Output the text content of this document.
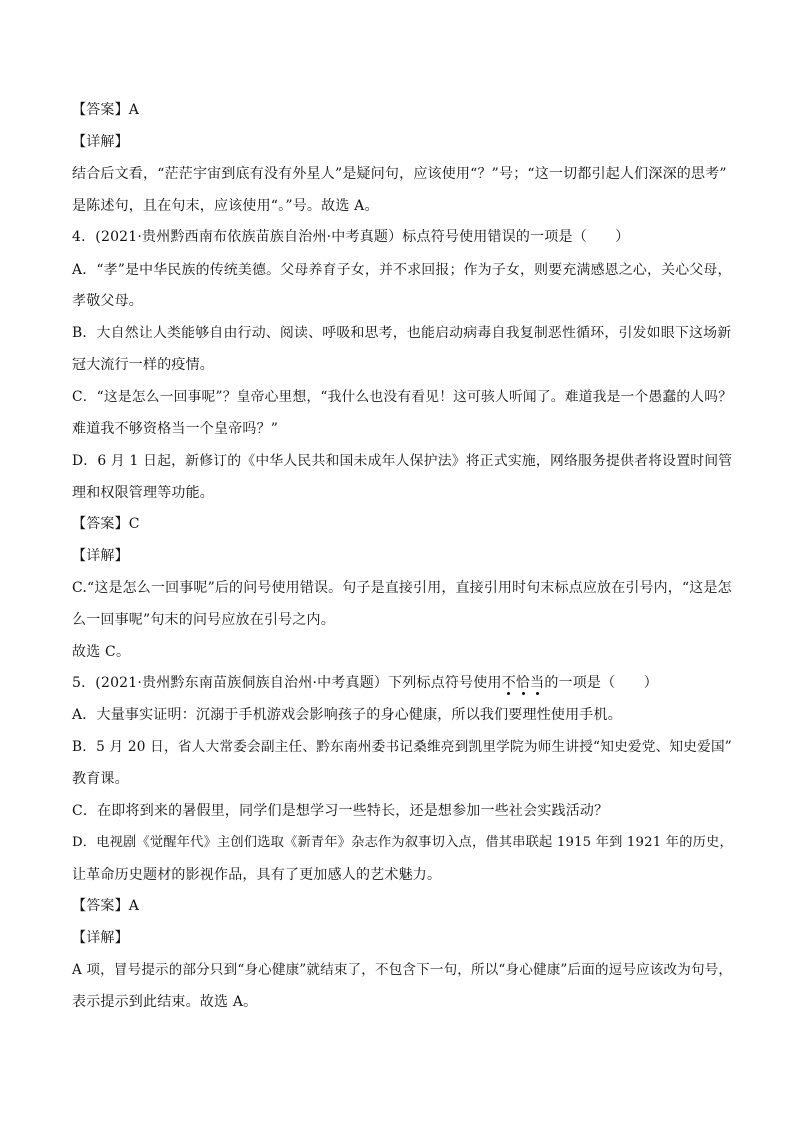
【答案】A
【详解】
结合后文看，“茫茫宇宙到底有没有外星人”是疑问句，应该使用“？”号；“这一切都引起人们深深的思考”
是陈述句，且在句末，应该使用“。”号。故选 A。
4．(2021·贵州黔西南布依族苗族自治州·中考真题）标点符号使用错误的一项是（　　）
A．“孝”是中华民族的传统美德。父母养育子女，并不求回报；作为子女，则要充满感恩之心，关心父母，
孝敬父母。
B．大自然让人类能够自由行动、阅读、呼吸和思考，也能启动病毒自我复制恶性循环，引发如眼下这场新
冠大流行一样的疫情。
C．“这是怎么一回事呢”？皇帝心里想，“我什么也没有看见！这可骇人听闻了。难道我是一个愚蠢的人吗？
难道我不够资格当一个皇帝吗？”
D．6 月 1 日起，新修订的《中华人民共和国未成年人保护法》将正式实施，网络服务提供者将设置时间管
理和权限管理等功能。
【答案】C
【详解】
C.“这是怎么一回事呢”后的问号使用错误。句子是直接引用，直接引用时句末标点应放在引号内，“这是怎
么一回事呢”句末的问号应放在引号之内。
故选 C。
5．(2021·贵州黔东南苗族侗族自治州·中考真题）下列标点符号使用不恰当的一项是（　　）
A．大量事实证明：沉溺于手机游戏会影响孩子的身心健康，所以我们要理性使用手机。
B．5 月 20 日，省人大常委会副主任、黔东南州委书记桑维亮到凯里学院为师生讲授“知史爱党、知史爱国”
教育课。
C．在即将到来的暑假里，同学们是想学习一些特长，还是想参加一些社会实践活动？
D．电视剧《觉醒年代》主创们选取《新青年》杂志作为叙事切入点，借其串联起 1915 年到 1921 年的历史，
让革命历史题材的影视作品，具有了更加感人的艺术魅力。
【答案】A
【详解】
A 项，冒号提示的部分只到“身心健康”就结束了，不包含下一句，所以“身心健康”后面的逗号应该改为句号，
表示提示到此结束。故选 A。
